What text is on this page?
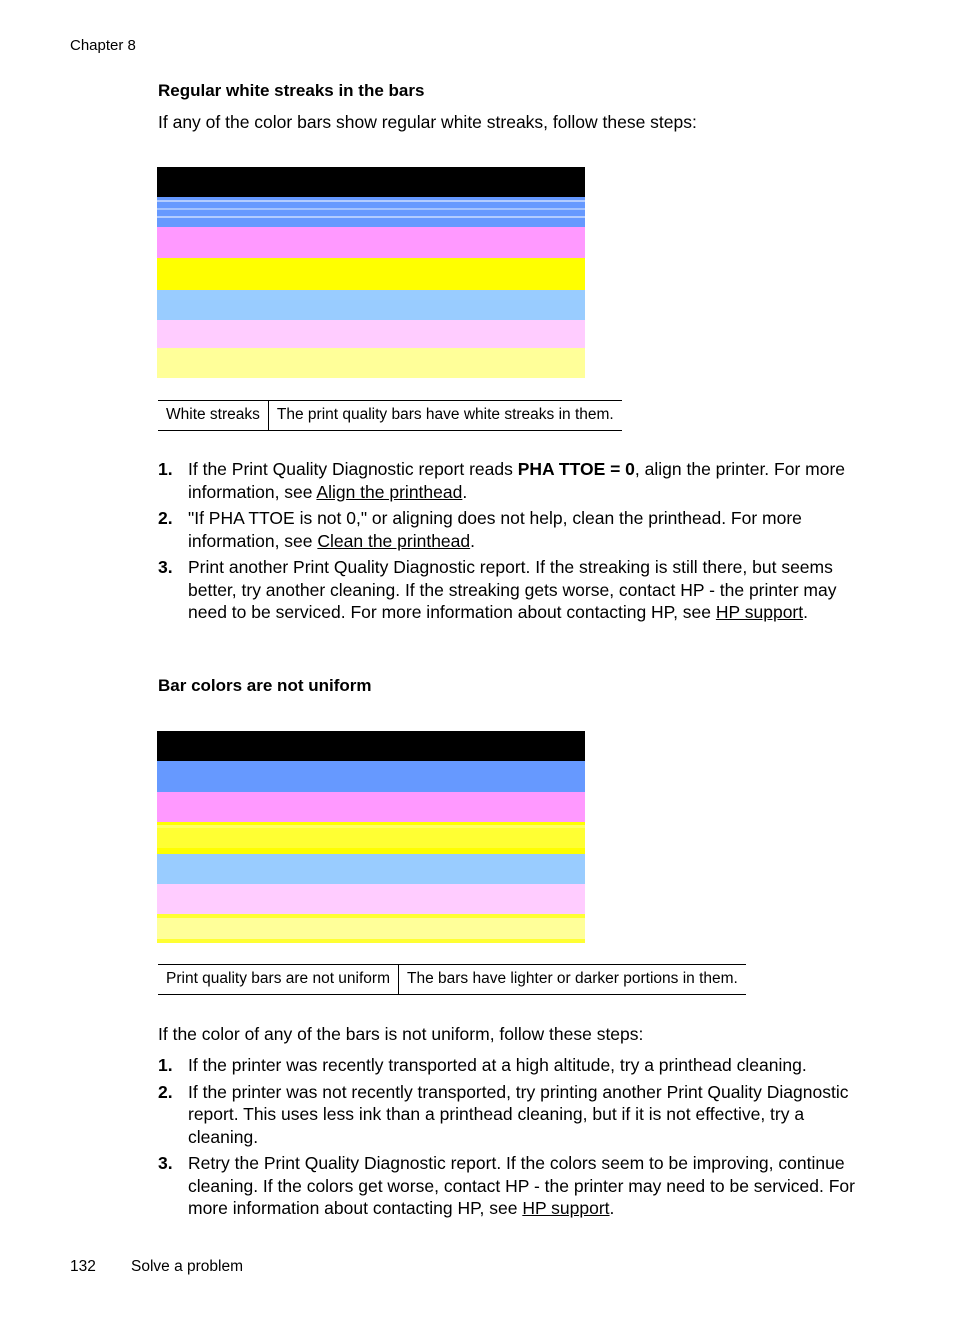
Chapter 8
Regular white streaks in the bars
If any of the color bars show regular white streaks, follow these steps:
White streaks	The print quality bars have white streaks in them.
1. If the Print Quality Diagnostic report reads PHA TTOE = 0, align the printer. For more information, see Align the printhead.
2. "If PHA TTOE is not 0," or aligning does not help, clean the printhead. For more information, see Clean the printhead.
3. Print another Print Quality Diagnostic report. If the streaking is still there, but seems better, try another cleaning. If the streaking gets worse, contact HP - the printer may need to be serviced. For more information about contacting HP, see HP support.
Bar colors are not uniform
Print quality bars are not uniform	The bars have lighter or darker portions in them.
If the color of any of the bars is not uniform, follow these steps:
1. If the printer was recently transported at a high altitude, try a printhead cleaning.
2. If the printer was not recently transported, try printing another Print Quality Diagnostic report. This uses less ink than a printhead cleaning, but if it is not effective, try a cleaning.
3. Retry the Print Quality Diagnostic report. If the colors seem to be improving, continue cleaning. If the colors get worse, contact HP - the printer may need to be serviced. For more information about contacting HP, see HP support.
132 Solve a problem
